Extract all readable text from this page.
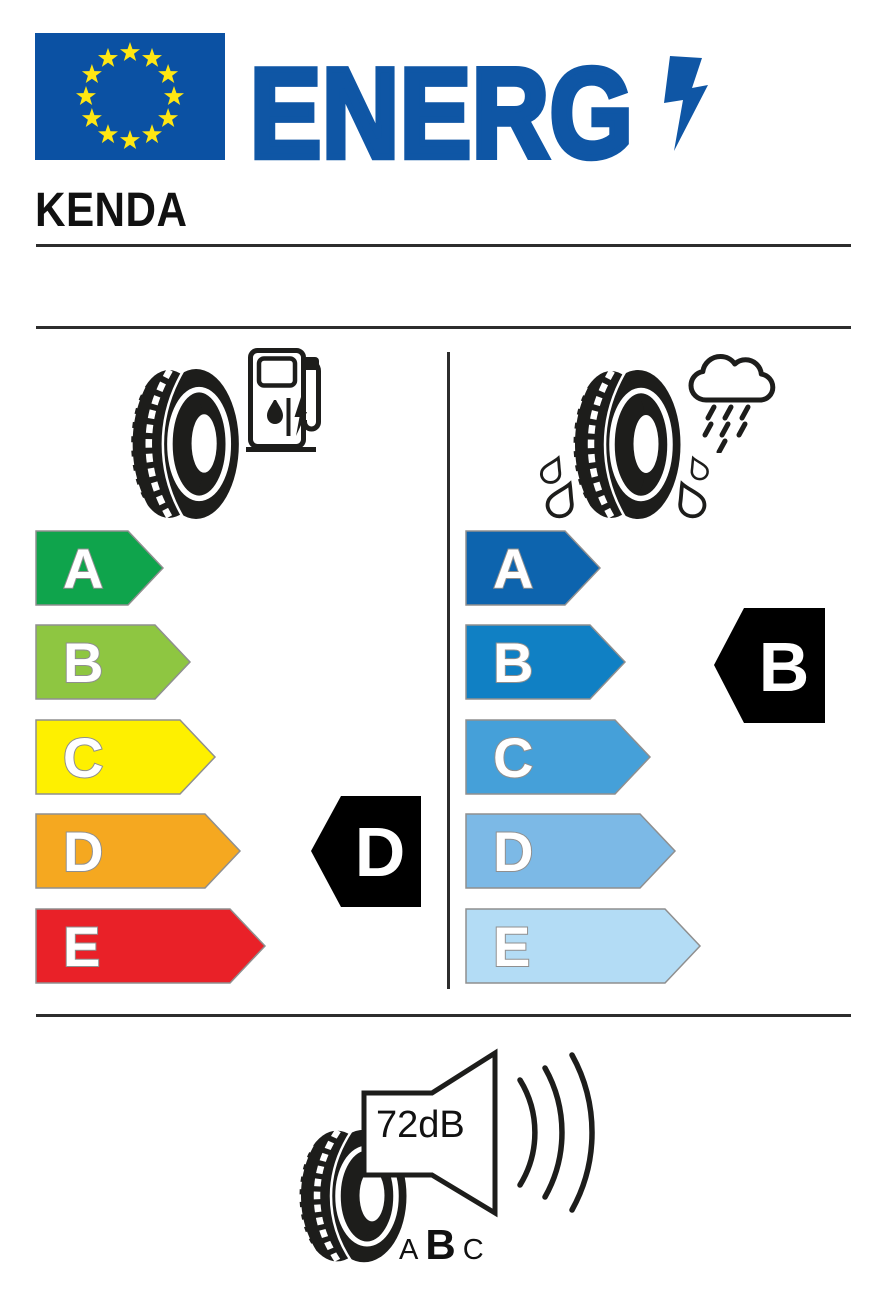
ENERG
KENDA
A
B
C
D
E
D
A
B
C
D
E
B
72dB
A B C
